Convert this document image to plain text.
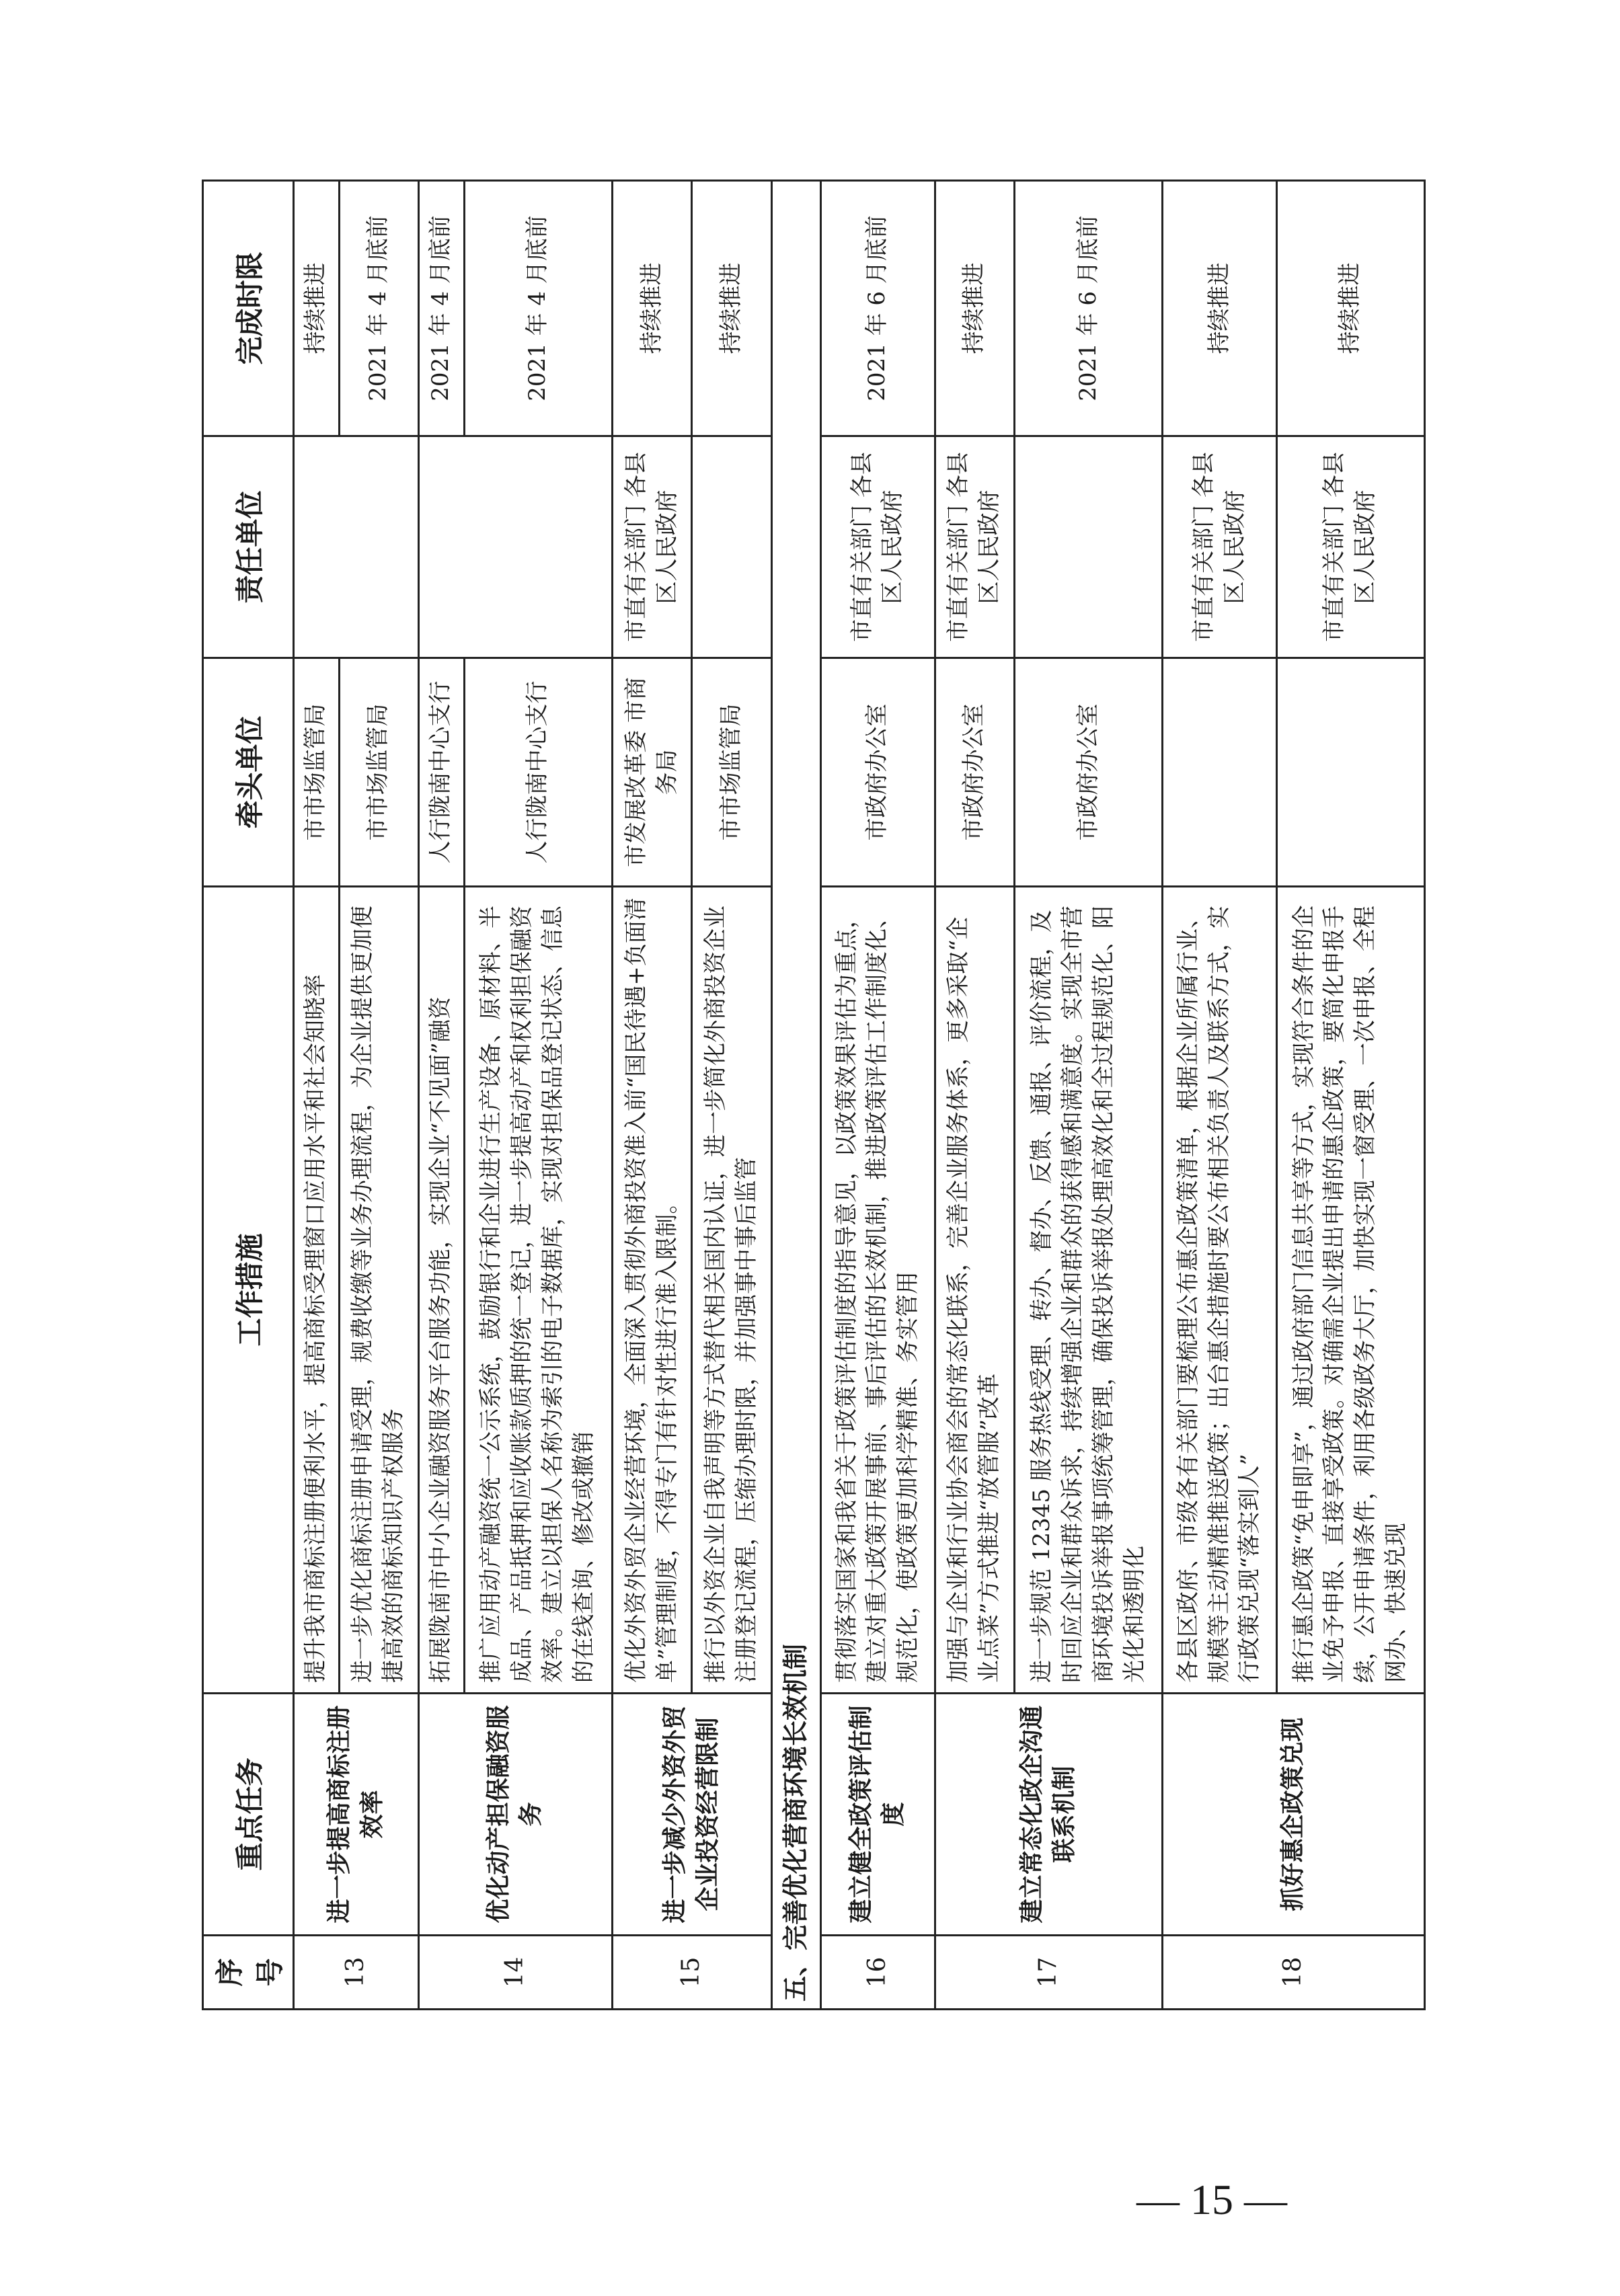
序号	重点任务	工作措施	牵头单位	责任单位	完成时限
13	进一步提高商标注册效率	提升我市商标注册便利水平，提高商标受理窗口应用水平和社会知晓率	市市场监管局		持续推进
		进一步优化商标注册申请受理，规费收缴等业务办理流程，为企业提供更加便捷高效的商标知识产权服务	市市场监管局		2021 年 4 月底前
14	优化动产担保融资服务	拓展陇南市中小企业融资服务平台服务功能，实现企业“不见面”融资	人行陇南中心支行		2021 年 4 月底前
		推广应用动产融资统一公示系统，鼓励银行和企业进行生产设备、原材料、半成品、产品抵押和应收账款质押的统一登记，进一步提高动产和权利担保融资效率。建立以担保人名称为索引的电子数据库，实现对担保品登记状态、信息的在线查询、修改或撤销	人行陇南中心支行		2021 年 4 月底前
15	进一步减少外资外贸企业投资经营限制	优化外资外贸企业经营环境，全面深入贯彻外商投资准入前“国民待遇+负面清单”管理制度，不得专门有针对性进行准入限制。	市发展改革委 市商务局	市直有关部门 各县区人民政府	持续推进
		推行以外资企业自我声明等方式替代相关国内认证，进一步简化外商投资企业注册登记流程，压缩办理时限，并加强事中事后监管	市市场监管局		持续推进
五、完善优化营商环境长效机制					
16	建立健全政策评估制度	贯彻落实国家和我省关于政策评估制度的指导意见，以政策效果评估为重点，建立对重大政策开展事前、事后评估的长效机制，推进政策评估工作制度化、规范化，使政策更加科学精准、务实管用	市政府办公室	市直有关部门 各县区人民政府	2021 年 6 月底前
17	建立常态化政企沟通联系机制	加强与企业和行业协会商会的常态化联系，完善企业服务体系，更多采取“企业点菜”方式推进“放管服”改革	市政府办公室	市直有关部门 各县区人民政府	持续推进
		进一步规范 12345 服务热线受理、转办、督办、反馈、通报、评价流程，及时回应企业和群众诉求，持续增强企业和群众的获得感和满意度。实现全市营商环境投诉举报事项统筹管理，确保投诉举报处理高效化和全过程规范化、阳光化和透明化	市政府办公室		2021 年 6 月底前
18	抓好惠企政策兑现	各县区政府、市级各有关部门要梳理公布惠企政策清单，根据企业所属行业、规模等主动精准推送政策；出台惠企措施时要公布相关负责人及联系方式，实行政策兑现“落实到人”		市直有关部门 各县区人民政府	持续推进
		推行惠企政策“免申即享”，通过政府部门信息共享等方式，实现符合条件的企业免予申报、直接享受政策。对确需企业提出申请的惠企政策，要简化申报手续，公开申请条件，利用各级政务大厅，加快实现一窗受理、一次申报、全程网办、快速兑现		市直有关部门 各县区人民政府	持续推进
— 15 —
